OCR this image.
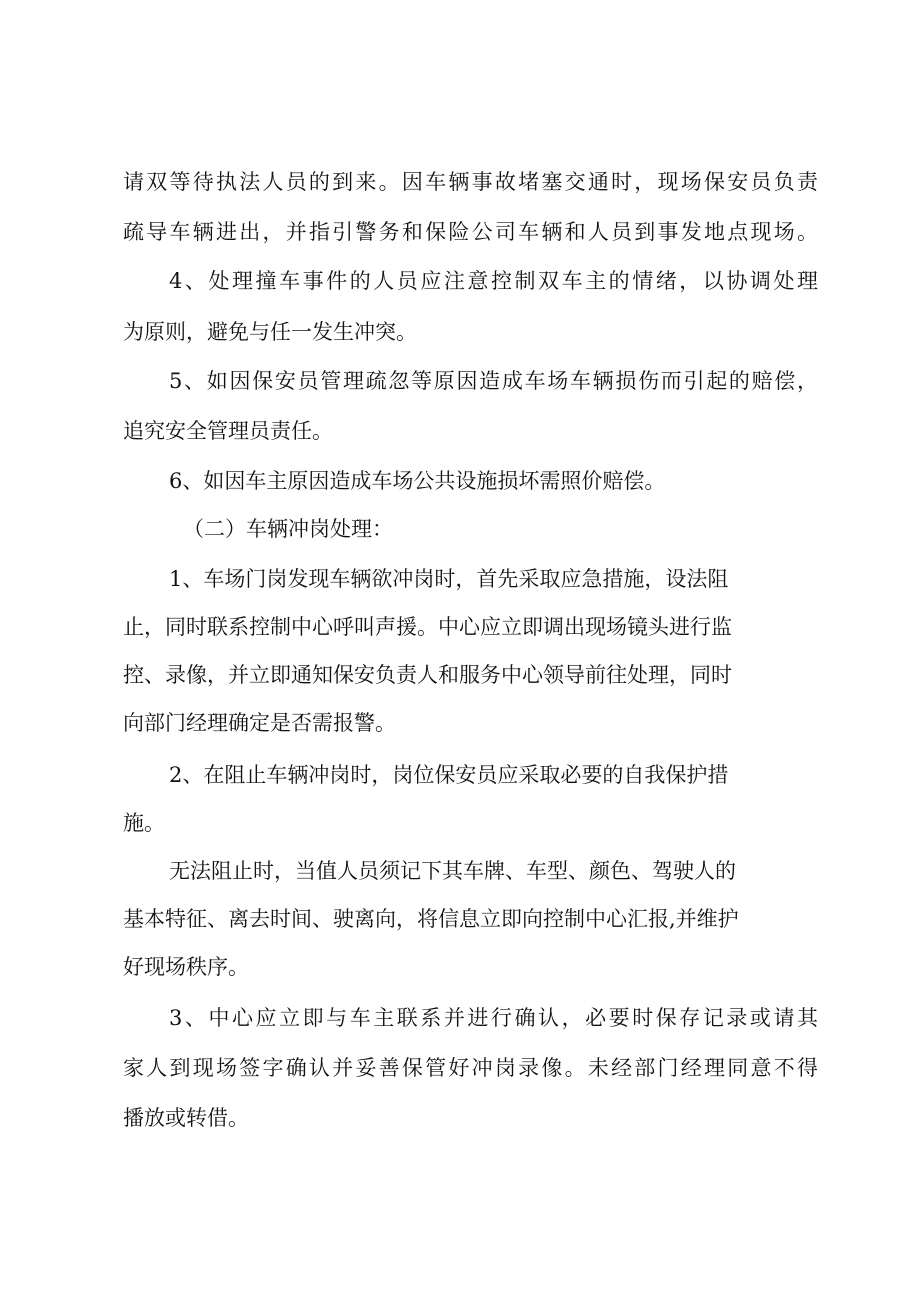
请双等待执法人员的到来。因车辆事故堵塞交通时，现场保安员负责

疏导车辆进出，并指引警务和保险公司车辆和人员到事发地点现场。

4、处理撞车事件的人员应注意控制双车主的情绪，以协调处理

为原则，避免与任一发生冲突。

5、如因保安员管理疏忽等原因造成车场车辆损伤而引起的赔偿，

追究安全管理员责任。

6、如因车主原因造成车场公共设施损坏需照价赔偿。

（二）车辆冲岗处理：

1、车场门岗发现车辆欲冲岗时，首先采取应急措施，设法阻

止，同时联系控制中心呼叫声援。中心应立即调出现场镜头进行监

控、录像，并立即通知保安负责人和服务中心领导前往处理，同时

向部门经理确定是否需报警。

2、在阻止车辆冲岗时，岗位保安员应采取必要的自我保护措

施。

无法阻止时，当值人员须记下其车牌、车型、颜色、驾驶人的

基本特征、离去时间、驶离向，将信息立即向控制中心汇报,并维护

好现场秩序。

3、中心应立即与车主联系并进行确认，必要时保存记录或请其

家人到现场签字确认并妥善保管好冲岗录像。未经部门经理同意不得

播放或转借。
